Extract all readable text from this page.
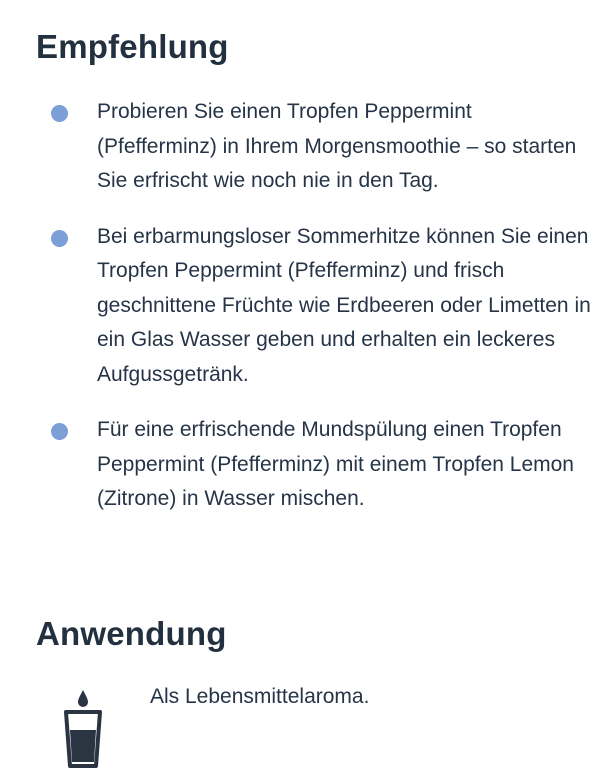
Empfehlung
Probieren Sie einen Tropfen Peppermint (Pfefferminz) in Ihrem Morgensmoothie – so starten Sie erfrischt wie noch nie in den Tag.
Bei erbarmungsloser Sommerhitze können Sie einen Tropfen Peppermint (Pfefferminz) und frisch geschnittene Früchte wie Erdbeeren oder Limetten in ein Glas Wasser geben und erhalten ein leckeres Aufgussgetränk.
Für eine erfrischende Mundspülung einen Tropfen Peppermint (Pfefferminz) mit einem Tropfen Lemon (Zitrone) in Wasser mischen.
Anwendung
Als Lebensmittelaroma.
